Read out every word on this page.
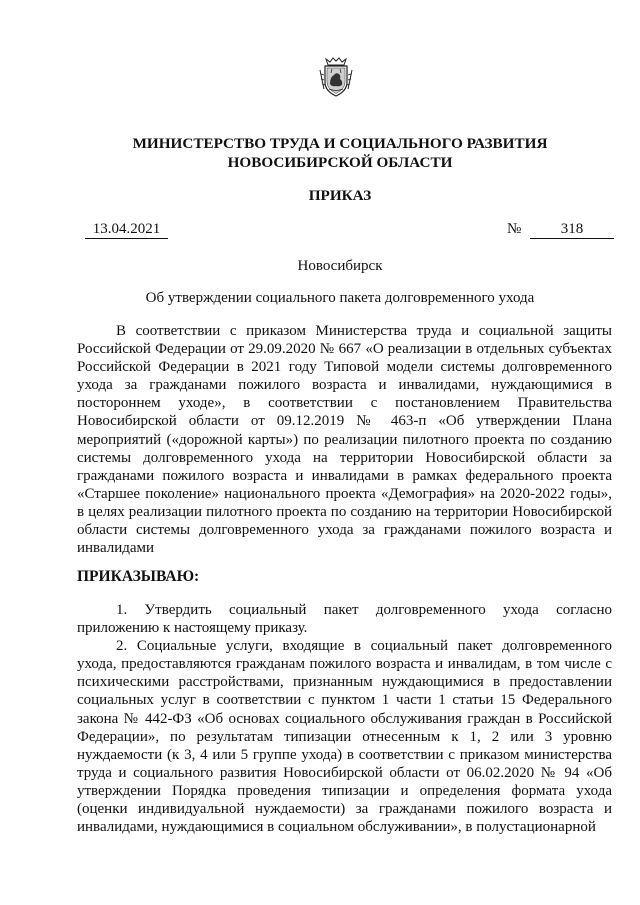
МИНИСТЕРСТВО ТРУДА И СОЦИАЛЬНОГО РАЗВИТИЯ
НОВОСИБИРСКОЙ ОБЛАСТИ
ПРИКАЗ
13.04.2021	№	318
Новосибирск
Об утверждении социального пакета долговременного ухода

В соответствии с приказом Министерства труда и социальной защиты Российской Федерации от 29.09.2020 № 667 «О реализации в отдельных субъектах Российской Федерации в 2021 году Типовой модели системы долговременного ухода за гражданами пожилого возраста и инвалидами, нуждающимися в постороннем уходе», в соответствии с постановлением Правительства Новосибирской области от 09.12.2019 № 463-п «Об утверждении Плана мероприятий («дорожной карты») по реализации пилотного проекта по созданию системы долговременного ухода на территории Новосибирской области за гражданами пожилого возраста и инвалидами в рамках федерального проекта «Старшее поколение» национального проекта «Демография» на 2020-2022 годы», в целях реализации пилотного проекта по созданию на территории Новосибирской области системы долговременного ухода за гражданами пожилого возраста и инвалидами

ПРИКАЗЫВАЮ:

1. Утвердить социальный пакет долговременного ухода согласно приложению к настоящему приказу.

2. Социальные услуги, входящие в социальный пакет долговременного ухода, предоставляются гражданам пожилого возраста и инвалидам, в том числе с психическими расстройствами, признанным нуждающимися в предоставлении социальных услуг в соответствии с пунктом 1 части 1 статьи 15 Федерального закона № 442-ФЗ «Об основах социального обслуживания граждан в Российской Федерации», по результатам типизации отнесенным к 1, 2 или 3 уровню нуждаемости (к 3, 4 или 5 группе ухода) в соответствии с приказом министерства труда и социального развития Новосибирской области от 06.02.2020 № 94 «Об утверждении Порядка проведения типизации и определения формата ухода (оценки индивидуальной нуждаемости) за гражданами пожилого возраста и инвалидами, нуждающимися в социальном обслуживании», в полустационарной
